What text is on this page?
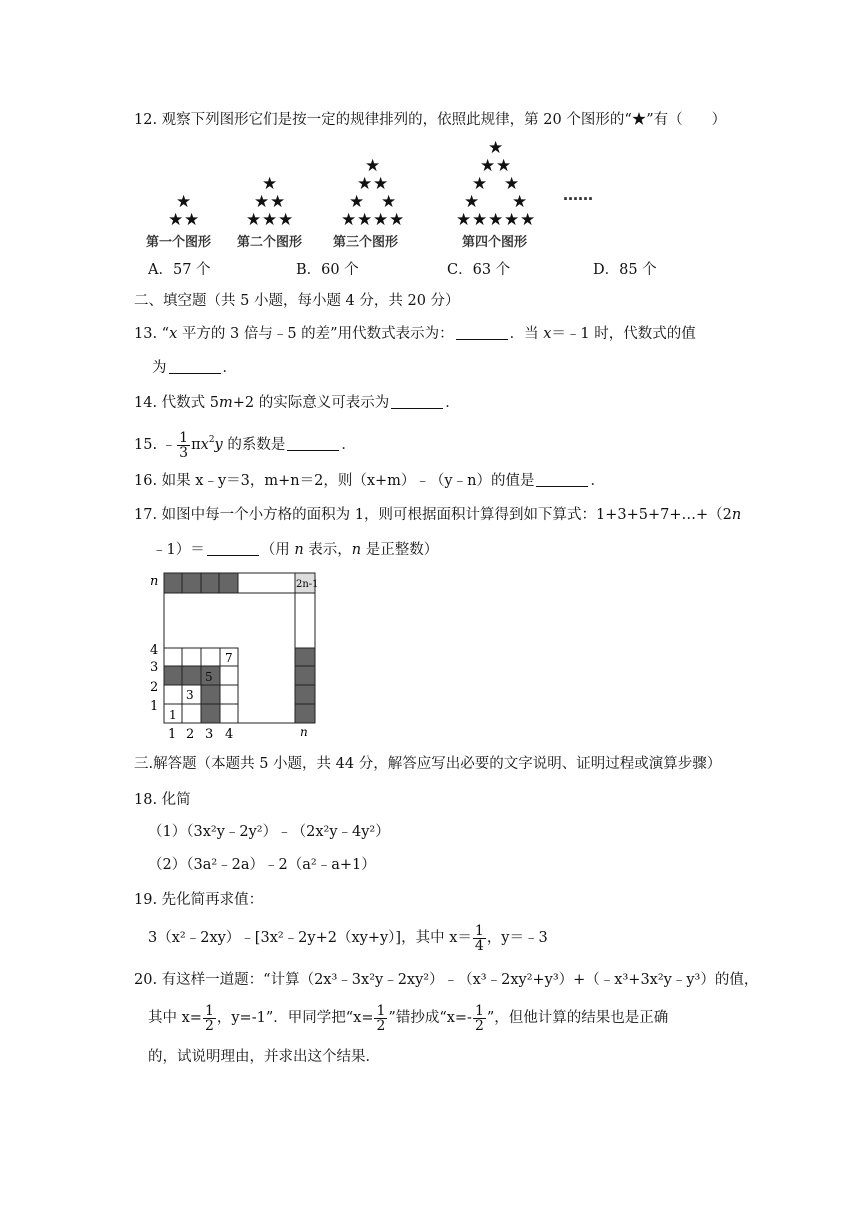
12. 观察下列图形它们是按一定的规律排列的，依照此规律，第 20 个图形的“★”有（　　）
★
★ ★
★
★ ★
★ ★ ★
★
★ ★
★ ★
★ ★ ★ ★
★
★ ★
★ ★
★ ★
★ ★ ★ ★ ★
第一个图形 第二个图形 第三个图形	第四个图形
……
A．57 个	B．60 个	C．63 个	D．85 个
二、填空题（共 5 小题，每小题 4 分，共 20 分）
13. “x 平方的 3 倍与﹣5 的差”用代数式表示为：	．当 x＝﹣1 时，代数式的值
为	．
14. 代数式 5m+2 的实际意义可表示为	．
15. ﹣ $\frac{1}{3} \pi x^2y$ 的系数是	．
16. 如果 x﹣y＝3，m+n＝2，则（x+m）﹣（y﹣n）的值是	．
17. 如图中每一个小方格的面积为 1，则可根据面积计算得到如下算式：1+3+5+7+…+（2n
﹣1）＝	（用 n 表示，n 是正整数）
n	2n-1
4
3
2
1
1 2 3 4	n
1
3
5
7
三.解答题（本题共 5 小题，共 44 分，解答应写出必要的文字说明、证明过程或演算步骤）
18. 化简
（1）（3x²y﹣2y²）﹣（2x²y﹣4y²）
（2）（3a²﹣2a）﹣2（a²﹣a+1）
19. 先化简再求值：
3（x²﹣2xy）﹣[3x²﹣2y+2（xy+y）]，其中 $x= \frac{1}{4}$ ，y＝﹣3
20. 有这样一道题：“计算（2x³﹣3x²y﹣2xy²）﹣（x³﹣2xy²+y³）+（﹣x³+3x²y﹣y³）的值，
其中 $x= \frac{1}{2}$ ，y=-1”．甲同学把“$x= \frac{1}{2}$ ”错抄成“$x=- \frac{1}{2}$ ”，但他计算的结果也是正确
的，试说明理由，并求出这个结果．
